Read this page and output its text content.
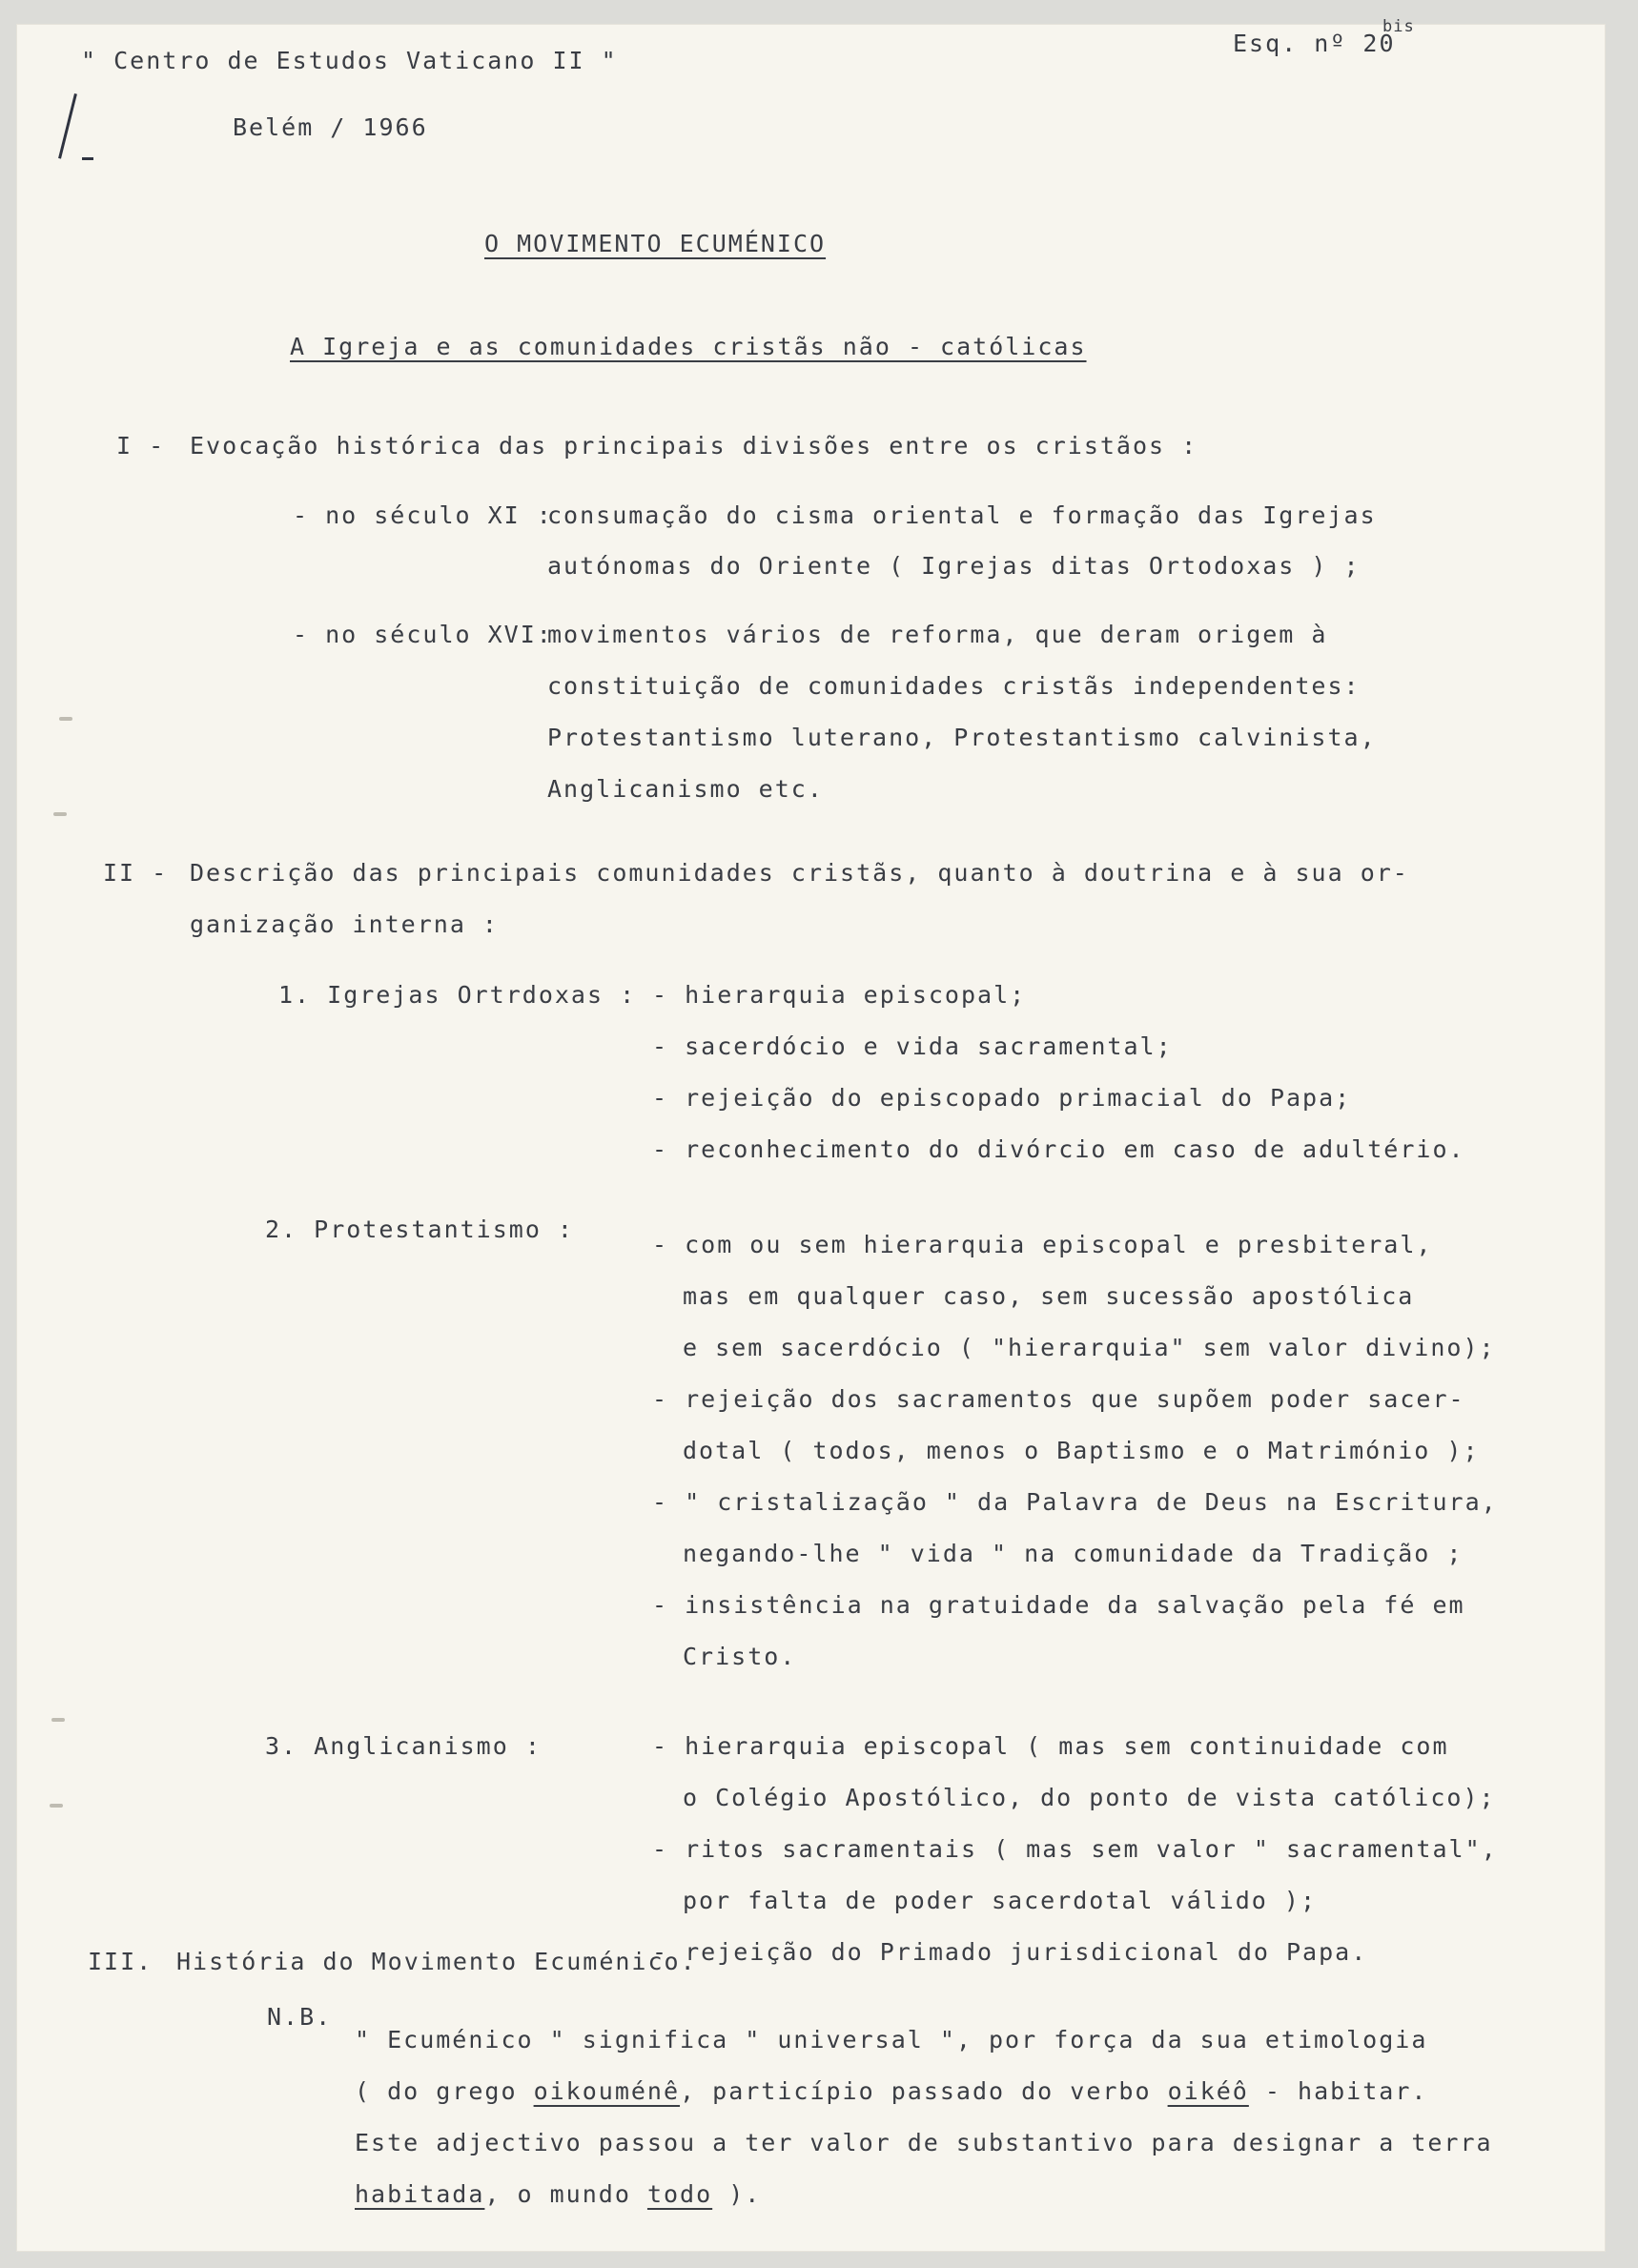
" Centro de Estudos Vaticano II "
Belém / 1966
Esq. nº 20
bis
O MOVIMENTO ECUMÉNICO
A Igreja e as comunidades cristãs não - católicas
I - Evocação histórica das principais divisões entre os cristãos :
- no século XI :
consumação do cisma oriental e formação das Igrejas
autónomas do Oriente ( Igrejas ditas Ortodoxas ) ;
- no século XVI:
movimentos vários de reforma, que deram origem à
constituição de comunidades cristãs independentes:
Protestantismo luterano, Protestantismo calvinista,
Anglicanismo etc.
II - Descrição das principais comunidades cristãs, quanto à doutrina e à sua or-
ganização interna :
1. Igrejas Ortrdoxas : - hierarquia episcopal;
- sacerdócio e vida sacramental;
- rejeição do episcopado primacial do Papa;
- reconhecimento do divórcio em caso de adultério.
2. Protestantismo :
- com ou sem hierarquia episcopal e presbiteral,
mas em qualquer caso, sem sucessão apostólica
e sem sacerdócio ( "hierarquia" sem valor divino);
- rejeição dos sacramentos que supõem poder sacer-
dotal ( todos, menos o Baptismo e o Matrimónio );
- " cristalização " da Palavra de Deus na Escritura,
negando-lhe " vida " na comunidade da Tradição ;
- insistência na gratuidade da salvação pela fé em
Cristo.
3. Anglicanismo :	- hierarquia episcopal ( mas sem continuidade com
o Colégio Apostólico, do ponto de vista católico);
- ritos sacramentais ( mas sem valor " sacramental",
por falta de poder sacerdotal válido );
- rejeição do Primado jurisdicional do Papa.
III. História do Movimento Ecuménico.
N.B.
" Ecuménico " significa " universal ", por força da sua etimologia
( do grego oikouménê, particípio passado do verbo oikéô - habitar.
Este adjectivo passou a ter valor de substantivo para designar a terra
habitada, o mundo todo ).
